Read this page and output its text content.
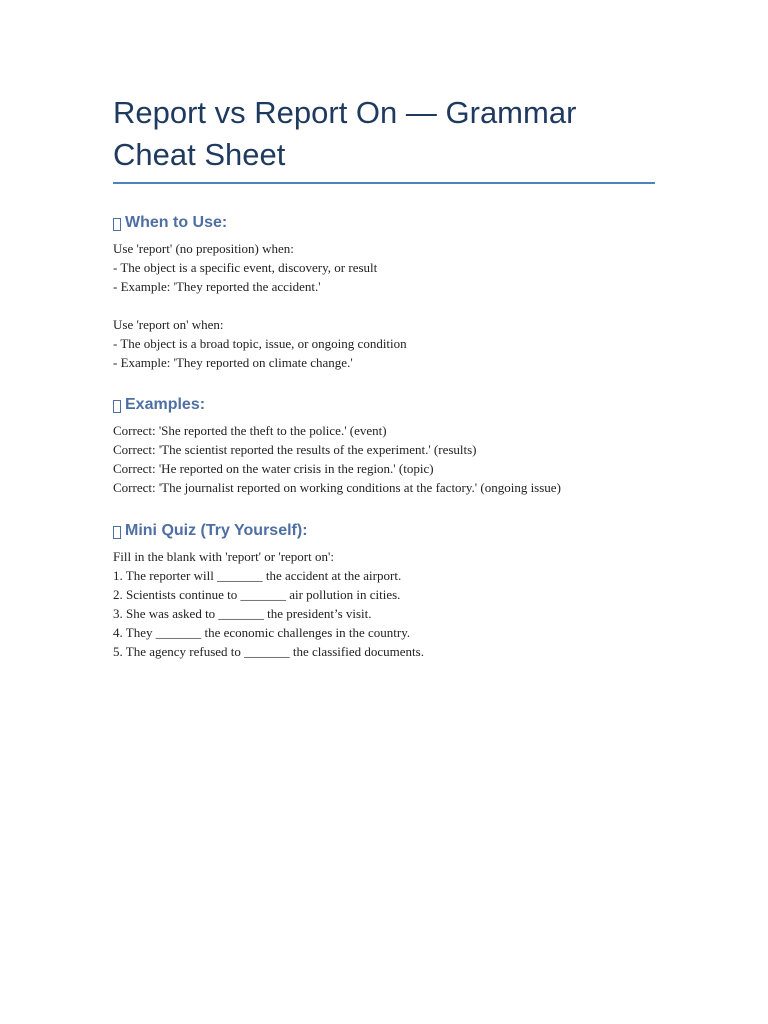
Report vs Report On — Grammar Cheat Sheet
When to Use:

Use 'report' (no preposition) when:

- The object is a specific event, discovery, or result

- Example: 'They reported the accident.'

Use 'report on' when:

- The object is a broad topic, issue, or ongoing condition

- Example: 'They reported on climate change.'

Examples:

Correct: 'She reported the theft to the police.' (event)

Correct: 'The scientist reported the results of the experiment.' (results)

Correct: 'He reported on the water crisis in the region.' (topic)

Correct: 'The journalist reported on working conditions at the factory.' (ongoing issue)

Mini Quiz (Try Yourself):

Fill in the blank with 'report' or 'report on':

1. The reporter will _______ the accident at the airport.

2. Scientists continue to _______ air pollution in cities.

3. She was asked to _______ the president’s visit.

4. They _______ the economic challenges in the country.

5. The agency refused to _______ the classified documents.
